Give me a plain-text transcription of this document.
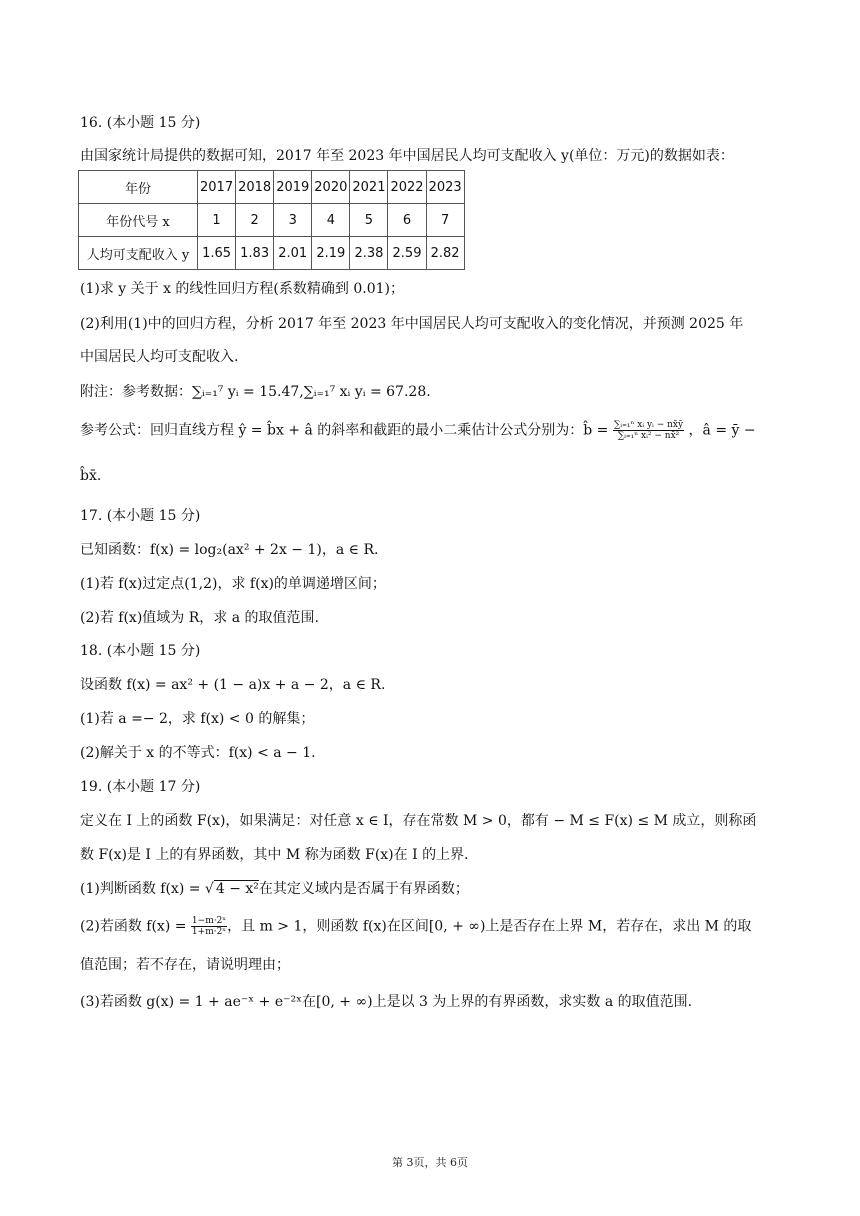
16. (本小题 15 分)
由国家统计局提供的数据可知，2017 年至 2023 年中国居民人均可支配收入 y(单位：万元)的数据如表：
年份	2017	2018	2019	2020	2021	2022	2023
年份代号 x	1	2	3	4	5	6	7
人均可支配收入 y	1.65	1.83	2.01	2.19	2.38	2.59	2.82
(1)求 y 关于 x 的线性回归方程(系数精确到 0.01)；
(2)利用(1)中的回归方程，分析 2017 年至 2023 年中国居民人均可支配收入的变化情况，并预测 2025 年
中国居民人均可支配收入.
附注：参考数据：∑ᵢ₌₁⁷ yᵢ = 15.47,∑ᵢ₌₁⁷ xᵢ yᵢ = 67.28.
参考公式：回归直线方程 ŷ = b̂x + â 的斜率和截距的最小二乘估计公式分别为：b̂ = $\frac{\text{∑ᵢ₌₁ⁿ xᵢ yᵢ − nx̄ȳ}}{\text{∑ᵢ₌₁ⁿ xᵢ² − nx̄²}}$ ，â = ȳ −
b̂x̄.
17. (本小题 15 分)
已知函数：f(x) = log₂(ax² + 2x − 1)，a ∈ R.
(1)若 f(x)过定点(1,2)，求 f(x)的单调递增区间；
(2)若 f(x)值域为 R，求 a 的取值范围.
18. (本小题 15 分)
设函数 f(x) = ax² + (1 − a)x + a − 2，a ∈ R.
(1)若 a =− 2，求 f(x) < 0 的解集；
(2)解关于 x 的不等式：f(x) < a − 1.
19. (本小题 17 分)
定义在 I 上的函数 F(x)，如果满足：对任意 x ∈ I，存在常数 M > 0，都有 − M ≤ F(x) ≤ M 成立，则称函
数 F(x)是 I 上的有界函数，其中 M 称为函数 F(x)在 I 的上界.
(1)判断函数 f(x) = √ 4 − x²在其定义域内是否属于有界函数；
(2)若函数 $f(x) = \frac{\text{1−m·2ˣ}}{\text{1+m·2ˣ}}$ ，且 m > 1，则函数 f(x)在区间[0, + ∞)上是否存在上界 M，若存在，求出 M 的取
值范围；若不存在，请说明理由；
(3)若函数 g(x) = 1 + ae⁻ˣ + e⁻²ˣ在[0, + ∞)上是以 3 为上界的有界函数，求实数 a 的取值范围.
第 3页，共 6页
